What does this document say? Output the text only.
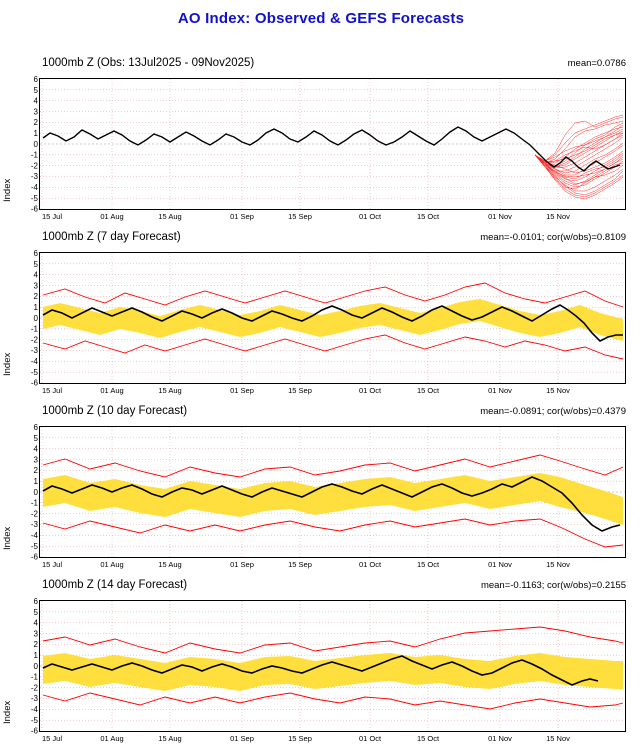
AO Index: Observed & GEFS Forecasts
1000mb Z (Obs: 13Jul2025 - 09Nov2025)	mean=0.0786
Index
6
5
4
3
2
1
0
-1
-2
-3
-4
-5
-6
15 Jul	01 Aug	15 Aug	01 Sep	15 Sep	01 Oct	15 Oct	01 Nov	15 Nov
1000mb Z (7 day Forecast)	mean=-0.0101; cor(w/obs)=0.8109
Index
6
5
4
3
2
1
0
-1
-2
-3
-4
-5
-6
15 Jul	01 Aug	15 Aug	01 Sep	15 Sep	01 Oct	15 Oct	01 Nov	15 Nov
1000mb Z (10 day Forecast)	mean=-0.0891; cor(w/obs)=0.4379
Index
6
5
4
3
2
1
0
-1
-2
-3
-4
-5
-6
15 Jul	01 Aug	15 Aug	01 Sep	15 Sep	01 Oct	15 Oct	01 Nov	15 Nov
1000mb Z (14 day Forecast)	mean=-0.1163; cor(w/obs)=0.2155
Index
6
5
4
3
2
1
0
-1
-2
-3
-4
-5
-6
15 Jul	01 Aug	15 Aug	01 Sep	15 Sep	01 Oct	15 Oct	01 Nov	15 Nov
